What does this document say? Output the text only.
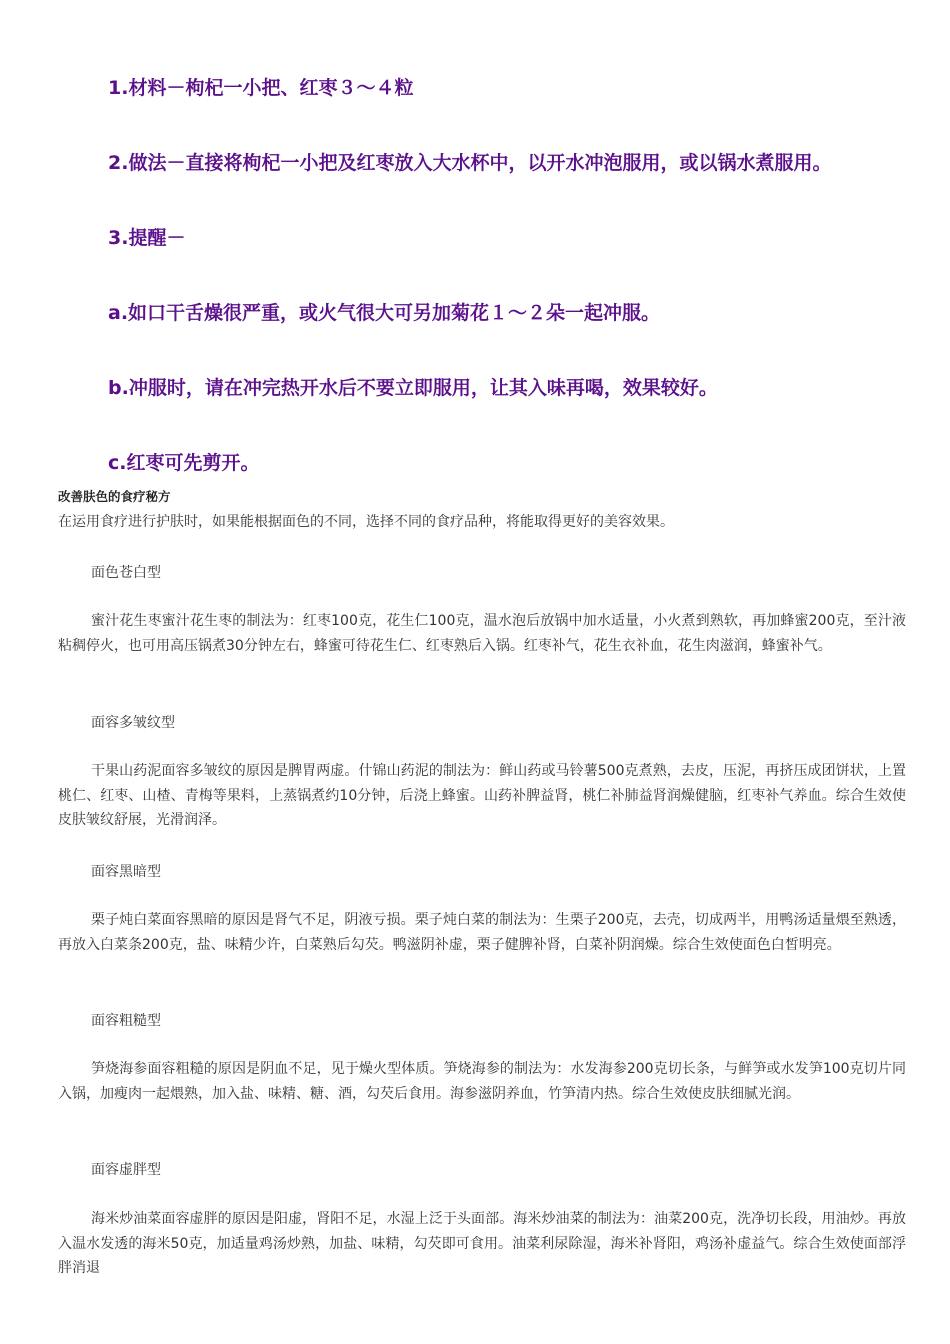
1.材料－枸杞一小把、红枣３～４粒
2.做法－直接将枸杞一小把及红枣放入大水杯中，以开水冲泡服用，或以锅水煮服用。
3.提醒－
a.如口干舌燥很严重，或火气很大可另加菊花１～２朵一起冲服。
b.冲服时，请在冲完热开水后不要立即服用，让其入味再喝，效果较好。
c.红枣可先剪开。
改善肤色的食疗秘方
在运用食疗进行护肤时，如果能根据面色的不同，选择不同的食疗品种，将能取得更好的美容效果。
面色苍白型

蜜汁花生枣蜜汁花生枣的制法为：红枣100克，花生仁100克，温水泡后放锅中加水适量，小火煮到熟软，再加蜂蜜200克，至汁液粘稠停火，也可用高压锅煮30分钟左右，蜂蜜可待花生仁、红枣熟后入锅。红枣补气，花生衣补血，花生肉滋润，蜂蜜补气。

面容多皱纹型

干果山药泥面容多皱纹的原因是脾胃两虚。什锦山药泥的制法为：鲜山药或马铃薯500克煮熟，去皮，压泥，再挤压成团饼状，上置桃仁、红枣、山楂、青梅等果料，上蒸锅煮约10分钟，后浇上蜂蜜。山药补脾益肾，桃仁补肺益肾润燥健脑，红枣补气养血。综合生效使皮肤皱纹舒展，光滑润泽。

面容黑暗型

栗子炖白菜面容黑暗的原因是肾气不足，阴液亏损。栗子炖白菜的制法为：生栗子200克，去壳，切成两半，用鸭汤适量煨至熟透，再放入白菜条200克，盐、味精少许，白菜熟后勾芡。鸭滋阴补虚，栗子健脾补肾，白菜补阴润燥。综合生效使面色白皙明亮。

面容粗糙型

笋烧海参面容粗糙的原因是阴血不足，见于燥火型体质。笋烧海参的制法为：水发海参200克切长条，与鲜笋或水发笋100克切片同入锅，加瘦肉一起煨熟，加入盐、味精、糖、酒，勾芡后食用。海参滋阴养血，竹笋清内热。综合生效使皮肤细腻光润。

面容虚胖型

海米炒油菜面容虚胖的原因是阳虚，肾阳不足，水湿上泛于头面部。海米炒油菜的制法为：油菜200克，洗净切长段，用油炒。再放入温水发透的海米50克，加适量鸡汤炒熟，加盐、味精，勾芡即可食用。油菜利尿除湿，海米补肾阳，鸡汤补虚益气。综合生效使面部浮胖消退
